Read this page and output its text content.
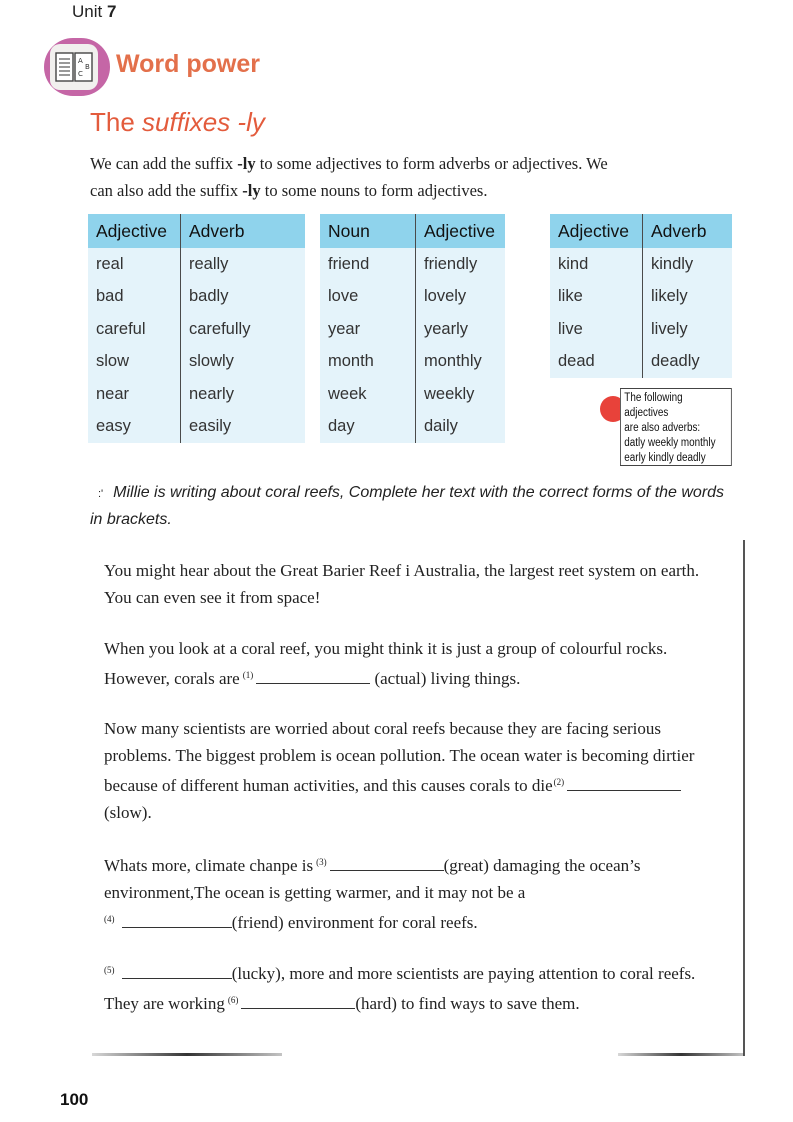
Unit 7
A
B
C Word power
The suffixes -ly
We can add the suffix -ly to some adjectives to form adverbs or adjectives. We
can also add the suffix -ly to some nouns to form adjectives.
Adjective	Adverb
real	really
bad	badly
careful	carefully
slow	slowly
near	nearly
easy	easily
Noun	Adjective
friend	friendly
love	lovely
year	yearly
month	monthly
week	weekly
day	daily
Adjective	Adverb
kind	kindly
like	likely
live	lively
dead	deadly
The following adjectives
are also adverbs:
datly weekly monthly
early kindly deadly
:' Millie is writing about coral reefs, Complete her text with the correct forms of the words in brackets.

You might hear about the Great Barier Reef i Australia, the largest reet system on earth. You can even see it from space!

When you look at a coral reef, you might think it is just a group of colourful rocks. However, corals are $^{(1)}$	(actual) living things.

Now many scientists are worried about coral reefs because they are facing serious problems. The biggest problem is ocean pollution. The ocean water is becoming dirtier because of different human activities, and this causes corals to die$^{(2)}$(slow).

Whats more, climate chanpe is $^{(3)}$	(great) damaging the ocean’s environment,The ocean is getting warmer, and it may not be a
$^{(4)}$	(friend) environment for coral reefs.

$^{(5)}$	(lucky), more and more scientists are paying attention to coral reefs. They are working $^{(6)}$	(hard) to find ways to save them.

100
